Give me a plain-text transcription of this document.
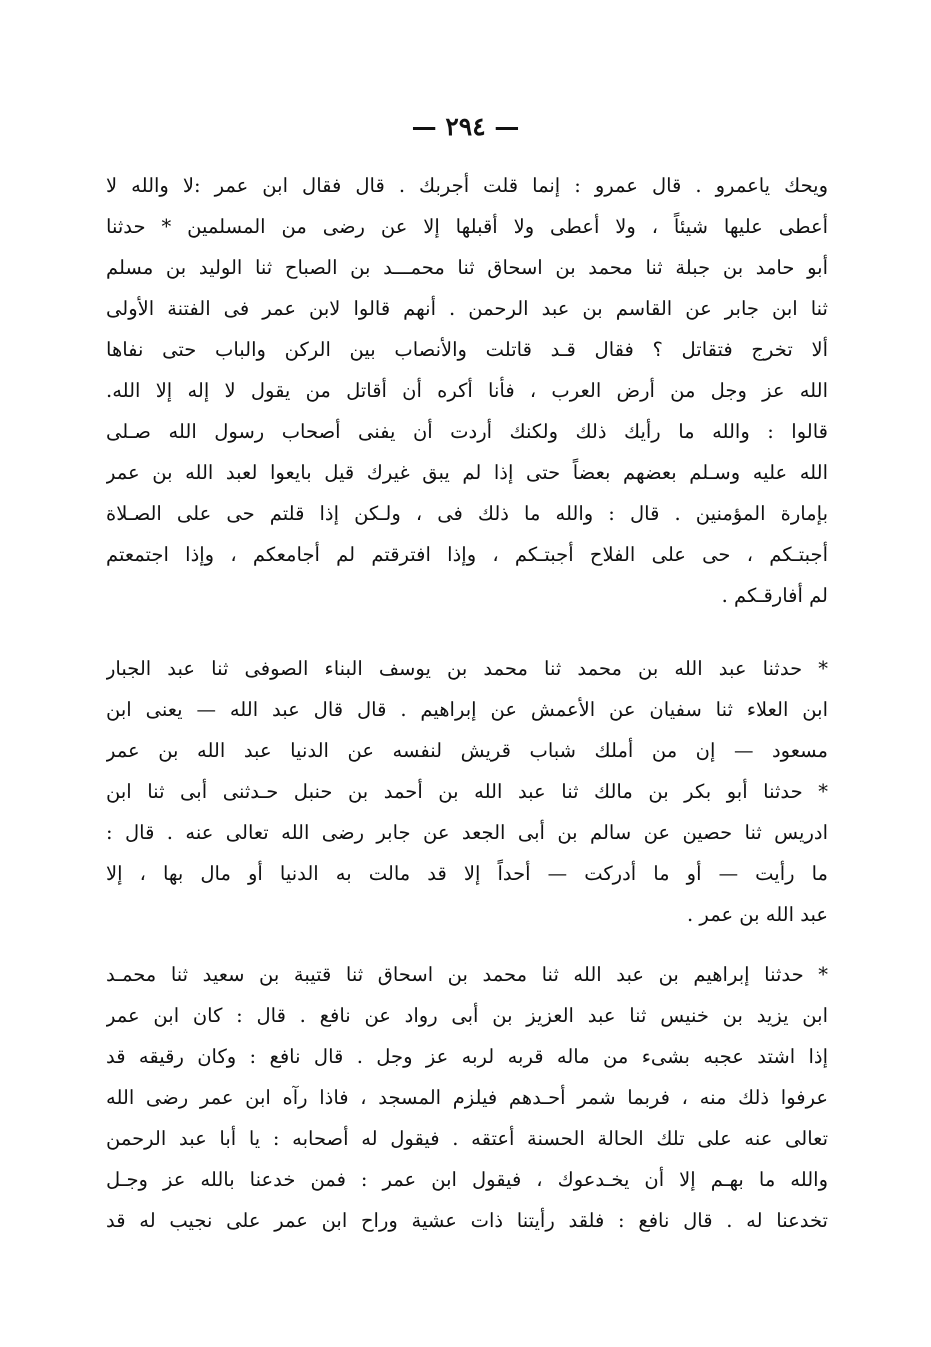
— ٢٩٤ —
ويحك ياعمرو . قال عمرو : إنما قلت أجربك . قال فقال ابن عمر :لا والله لا
أعطى عليها شيئاً ، ولا أعطى ولا أقبلها إلا عن رضى من المسلمين * حدثنا
أبو حامد بن جبلة ثنا محمد بن اسحاق ثنا محمـــد بن الصباح ثنا الوليد بن مسلم
ثنا ابن جابر عن القاسم بن عبد الرحمن . أنهم قالوا لابن عمر فى الفتنة الأولى
ألا تخرج فتقاتل ؟ فقال قـد قاتلت والأنصاب بين الركن والباب حتى نفاها
الله عز وجل من أرض العرب ، فأنا أكره أن أقاتل من يقول لا إله إلا الله.
قالوا : والله ما رأيك ذلك ولكنك أردت أن يفنى أصحاب رسول الله صـلى
الله عليه وسـلم بعضهم بعضاً حتى إذا لم يبق غيرك قيل بايعوا لعبد الله بن عمر
بإمارة المؤمنين . قال : والله ما ذلك فى ، ولـكن إذا قلتم حى على الصـلاة
أجبتـكم ، حى على الفلاح أجبتـكم ، وإذا افترقتم لم أجامعكم ، وإذا اجتمعتم
لم أفارقـكم .
* حدثنا عبد الله بن محمد ثنا محمد بن يوسف البناء الصوفى ثنا عبد الجبار
ابن العلاء ثنا سفيان عن الأعمش عن إبراهيم . قال قال عبد الله — يعنى ابن
مسعود — إن من أملك شباب قريش لنفسه عن الدنيا عبد الله بن عمر
* حدثنا أبو بكر بن مالك ثنا عبد الله بن أحمد بن حنبل حـدثنى أبى ثنا ابن
ادريس ثنا حصين عن سالم بن أبى الجعد عن جابر رضى الله تعالى عنه . قال :
ما رأيت — أو ما أدركت — أحداً إلا قد مالت به الدنيا أو مال بها ، إلا
عبد الله بن عمر .
* حدثنا إبراهيم بن عبد الله ثنا محمد بن اسحاق ثنا قتيبة بن سعيد ثنا محمـد
ابن يزيد بن خنيس ثنا عبد العزيز بن أبى رواد عن نافع . قال : كان ابن عمر
إذا اشتد عجبه بشىء من ماله قربه لربه عز وجل . قال نافع : وكان رقيقه قد
عرفوا ذلك منه ، فربما شمر أحـدهم فيلزم المسجد ، فاذا رآه ابن عمر رضى الله
تعالى عنه على تلك الحالة الحسنة أعتقه . فيقول له أصحابه : يا أبا عبد الرحمن
والله ما بهـم إلا أن يخـدعوك ، فيقول ابن عمر : فمن خدعنا بالله عز وجـل
تخدعنا له . قال نافع : فلقد رأيتنا ذات عشية وراح ابن عمر على نجيب له قد
